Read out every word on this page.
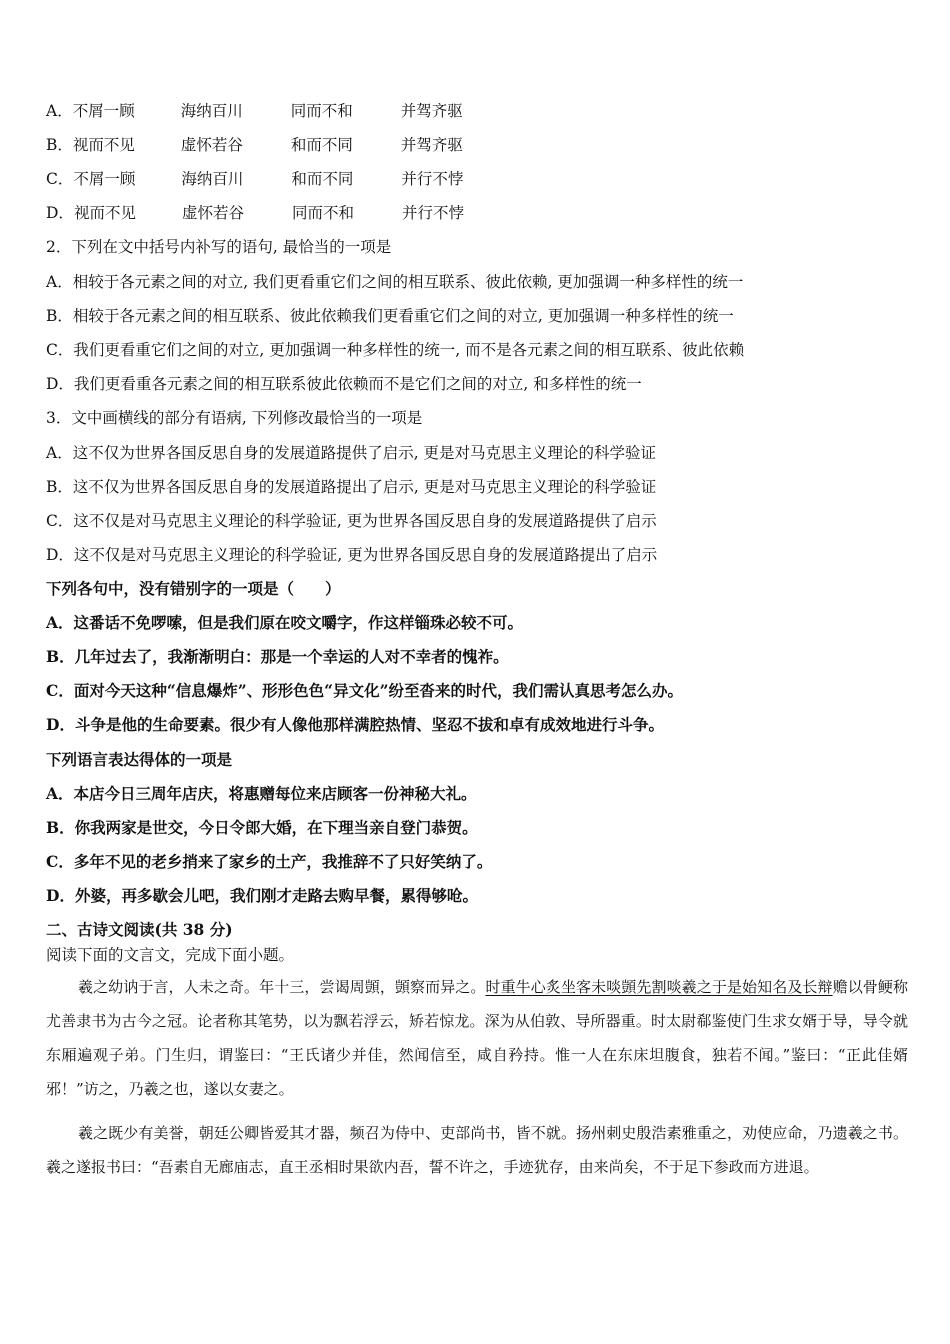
A．不屑一顾	海纳百川	同而不和	并驾齐驱
B．视而不见	虚怀若谷	和而不同	并驾齐驱
C．不屑一顾	海纳百川	和而不同	并行不悖
D．视而不见	虚怀若谷	同而不和	并行不悖
2．下列在文中括号内补写的语句, 最恰当的一项是
A．相较于各元素之间的对立, 我们更看重它们之间的相互联系、彼此依赖, 更加强调一种多样性的统一
B．相较于各元素之间的相互联系、彼此依赖我们更看重它们之间的对立, 更加强调一种多样性的统一
C．我们更看重它们之间的对立, 更加强调一种多样性的统一, 而不是各元素之间的相互联系、彼此依赖
D．我们更看重各元素之间的相互联系彼此依赖而不是它们之间的对立, 和多样性的统一
3．文中画横线的部分有语病, 下列修改最恰当的一项是
A．这不仅为世界各国反思自身的发展道路提供了启示, 更是对马克思主义理论的科学验证
B．这不仅为世界各国反思自身的发展道路提出了启示, 更是对马克思主义理论的科学验证
C．这不仅是对马克思主义理论的科学验证, 更为世界各国反思自身的发展道路提供了启示
D．这不仅是对马克思主义理论的科学验证, 更为世界各国反思自身的发展道路提出了启示
下列各句中，没有错别字的一项是（　　）
A．这番话不免啰嗦，但是我们原在咬文嚼字，作这样锱珠必较不可。
B．几年过去了，我渐渐明白：那是一个幸运的人对不幸者的愧祚。
C．面对今天这种“信息爆炸”、形形色色“异文化”纷至沓来的时代，我们需认真思考怎么办。
D．斗争是他的生命要素。很少有人像他那样满腔热情、坚忍不拔和卓有成效地进行斗争。
下列语言表达得体的一项是
A．本店今日三周年店庆，将惠赠每位来店顾客一份神秘大礼。
B．你我两家是世交，今日令郎大婚，在下理当亲自登门恭贺。
C．多年不见的老乡捎来了家乡的土产，我推辞不了只好笑纳了。
D．外婆，再多歇会儿吧，我们刚才走路去购早餐，累得够呛。
二、古诗文阅读(共 38 分)
阅读下面的文言文，完成下面小题。
羲之幼讷于言，人未之奇。年十三，尝谒周顗，顗察而异之。时重牛心炙坐客未啖顗先割啖羲之于是始知名及长辩赡以骨鲠称尤善隶书为古今之冠。论者称其笔势，以为飘若浮云，矫若惊龙。深为从伯敦、导所器重。时太尉郗鉴使门生求女婿于导，导令就东厢遍观子弟。门生归，谓鉴曰：“王氏诸少并佳，然闻信至，咸自矜持。惟一人在东床坦腹食，独若不闻。”鉴曰：“正此佳婿邪！”访之，乃羲之也，遂以女妻之。
羲之既少有美誉，朝廷公卿皆爱其才器，频召为侍中、吏部尚书，皆不就。扬州刺史殷浩素雅重之，劝使应命，乃遗羲之书。羲之遂报书曰：“吾素自无廊庙志，直王丞相时果欲内吾，誓不许之，手迹犹存，由来尚矣，不于足下参政而方进退。
